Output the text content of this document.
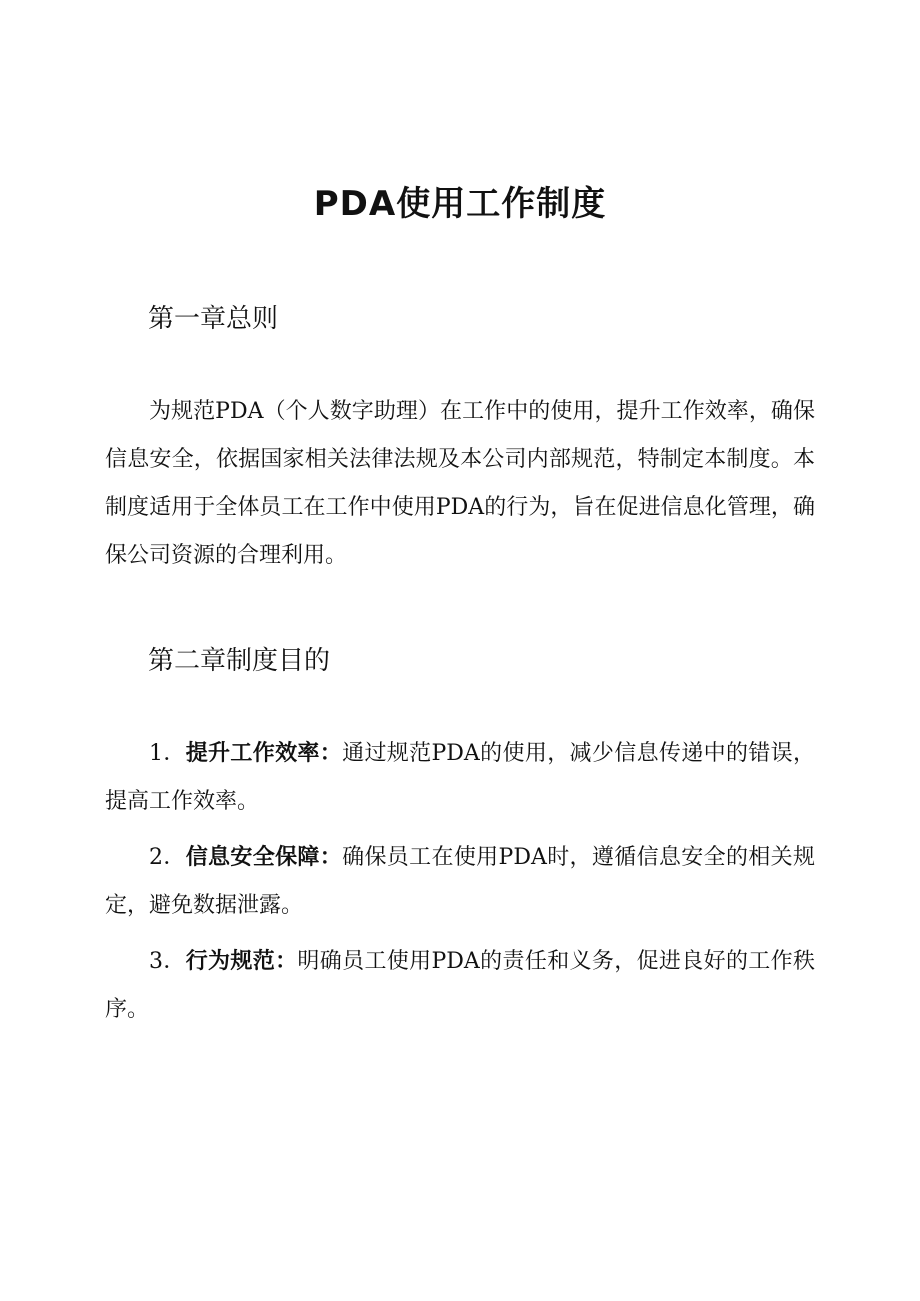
PDA使用工作制度
第一章总则

为规范PDA（个人数字助理）在工作中的使用，提升工作效率，确保信息安全，依据国家相关法律法规及本公司内部规范，特制定本制度。本制度适用于全体员工在工作中使用PDA的行为，旨在促进信息化管理，确保公司资源的合理利用。

第二章制度目的
1．提升工作效率：通过规范PDA的使用，减少信息传递中的错误，提高工作效率。
2．信息安全保障：确保员工在使用PDA时，遵循信息安全的相关规定，避免数据泄露。
3．行为规范：明确员工使用PDA的责任和义务，促进良好的工作秩序。
